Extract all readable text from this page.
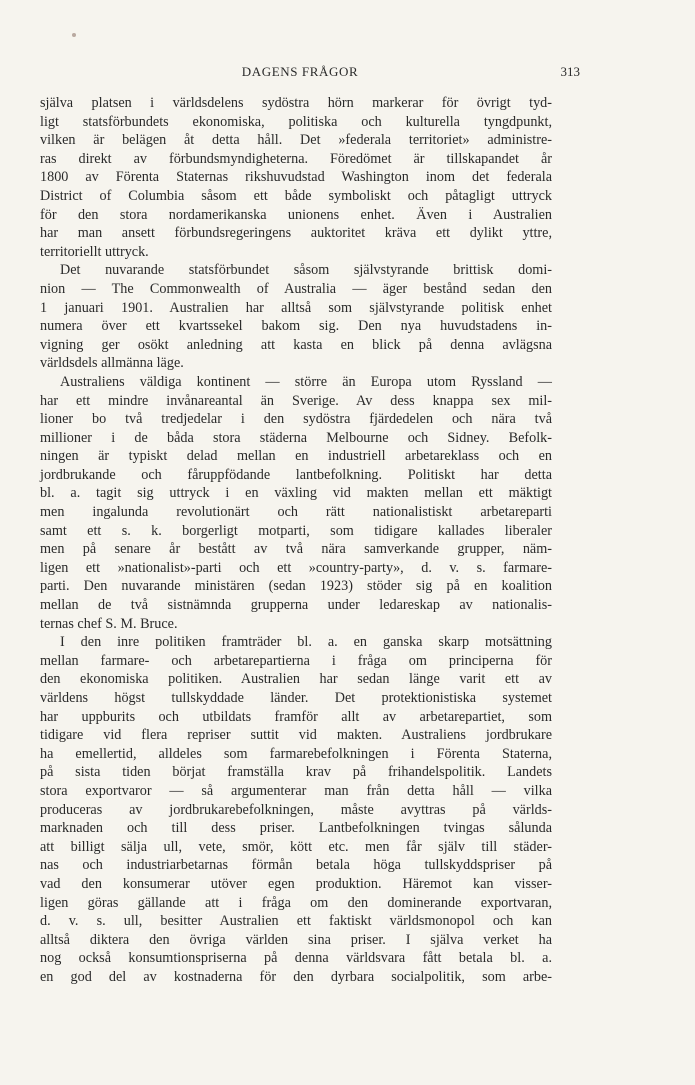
DAGENS FRÅGOR	313
själva platsen i världsdelens sydöstra hörn markerar för övrigt tyd-
ligt statsförbundets ekonomiska, politiska och kulturella tyngdpunkt,
vilken är belägen åt detta håll. Det »federala territoriet» administre-
ras direkt av förbundsmyndigheterna. Föredömet är tillskapandet år
1800 av Förenta Staternas rikshuvudstad Washington inom det federala
District of Columbia såsom ett både symboliskt och påtagligt uttryck
för den stora nordamerikanska unionens enhet. Även i Australien
har man ansett förbundsregeringens auktoritet kräva ett dylikt yttre,
territoriellt uttryck.
Det nuvarande statsförbundet såsom självstyrande brittisk domi-
nion — The Commonwealth of Australia — äger bestånd sedan den
1 januari 1901. Australien har alltså som självstyrande politisk enhet
numera över ett kvartssekel bakom sig. Den nya huvudstadens in-
vigning ger osökt anledning att kasta en blick på denna avlägsna
världsdels allmänna läge.
Australiens väldiga kontinent — större än Europa utom Ryssland —
har ett mindre invånareantal än Sverige. Av dess knappa sex mil-
lioner bo två tredjedelar i den sydöstra fjärdedelen och nära två
millioner i de båda stora städerna Melbourne och Sidney. Befolk-
ningen är typiskt delad mellan en industriell arbetareklass och en
jordbrukande och fåruppfödande lantbefolkning. Politiskt har detta
bl. a. tagit sig uttryck i en växling vid makten mellan ett mäktigt
men ingalunda revolutionärt och rätt nationalistiskt arbetareparti
samt ett s. k. borgerligt motparti, som tidigare kallades liberaler
men på senare år bestått av två nära samverkande grupper, näm-
ligen ett »nationalist»-parti och ett »country-party», d. v. s. farmare-
parti. Den nuvarande ministären (sedan 1923) stöder sig på en koalition
mellan de två sistnämnda grupperna under ledareskap av nationalis-
ternas chef S. M. Bruce.
I den inre politiken framträder bl. a. en ganska skarp motsättning
mellan farmare- och arbetarepartierna i fråga om principerna för
den ekonomiska politiken. Australien har sedan länge varit ett av
världens högst tullskyddade länder. Det protektionistiska systemet
har uppburits och utbildats framför allt av arbetarepartiet, som
tidigare vid flera repriser suttit vid makten. Australiens jordbrukare
ha emellertid, alldeles som farmarebefolkningen i Förenta Staterna,
på sista tiden börjat framställa krav på frihandelspolitik. Landets
stora exportvaror — så argumenterar man från detta håll — vilka
produceras av jordbrukarebefolkningen, måste avyttras på världs-
marknaden och till dess priser. Lantbefolkningen tvingas sålunda
att billigt sälja ull, vete, smör, kött etc. men får själv till städer-
nas och industriarbetarnas förmån betala höga tullskyddspriser på
vad den konsumerar utöver egen produktion. Häremot kan visser-
ligen göras gällande att i fråga om den dominerande exportvaran,
d. v. s. ull, besitter Australien ett faktiskt världsmonopol och kan
alltså diktera den övriga världen sina priser. I själva verket ha
nog också konsumtionspriserna på denna världsvara fått betala bl. a.
en god del av kostnaderna för den dyrbara socialpolitik, som arbe-
